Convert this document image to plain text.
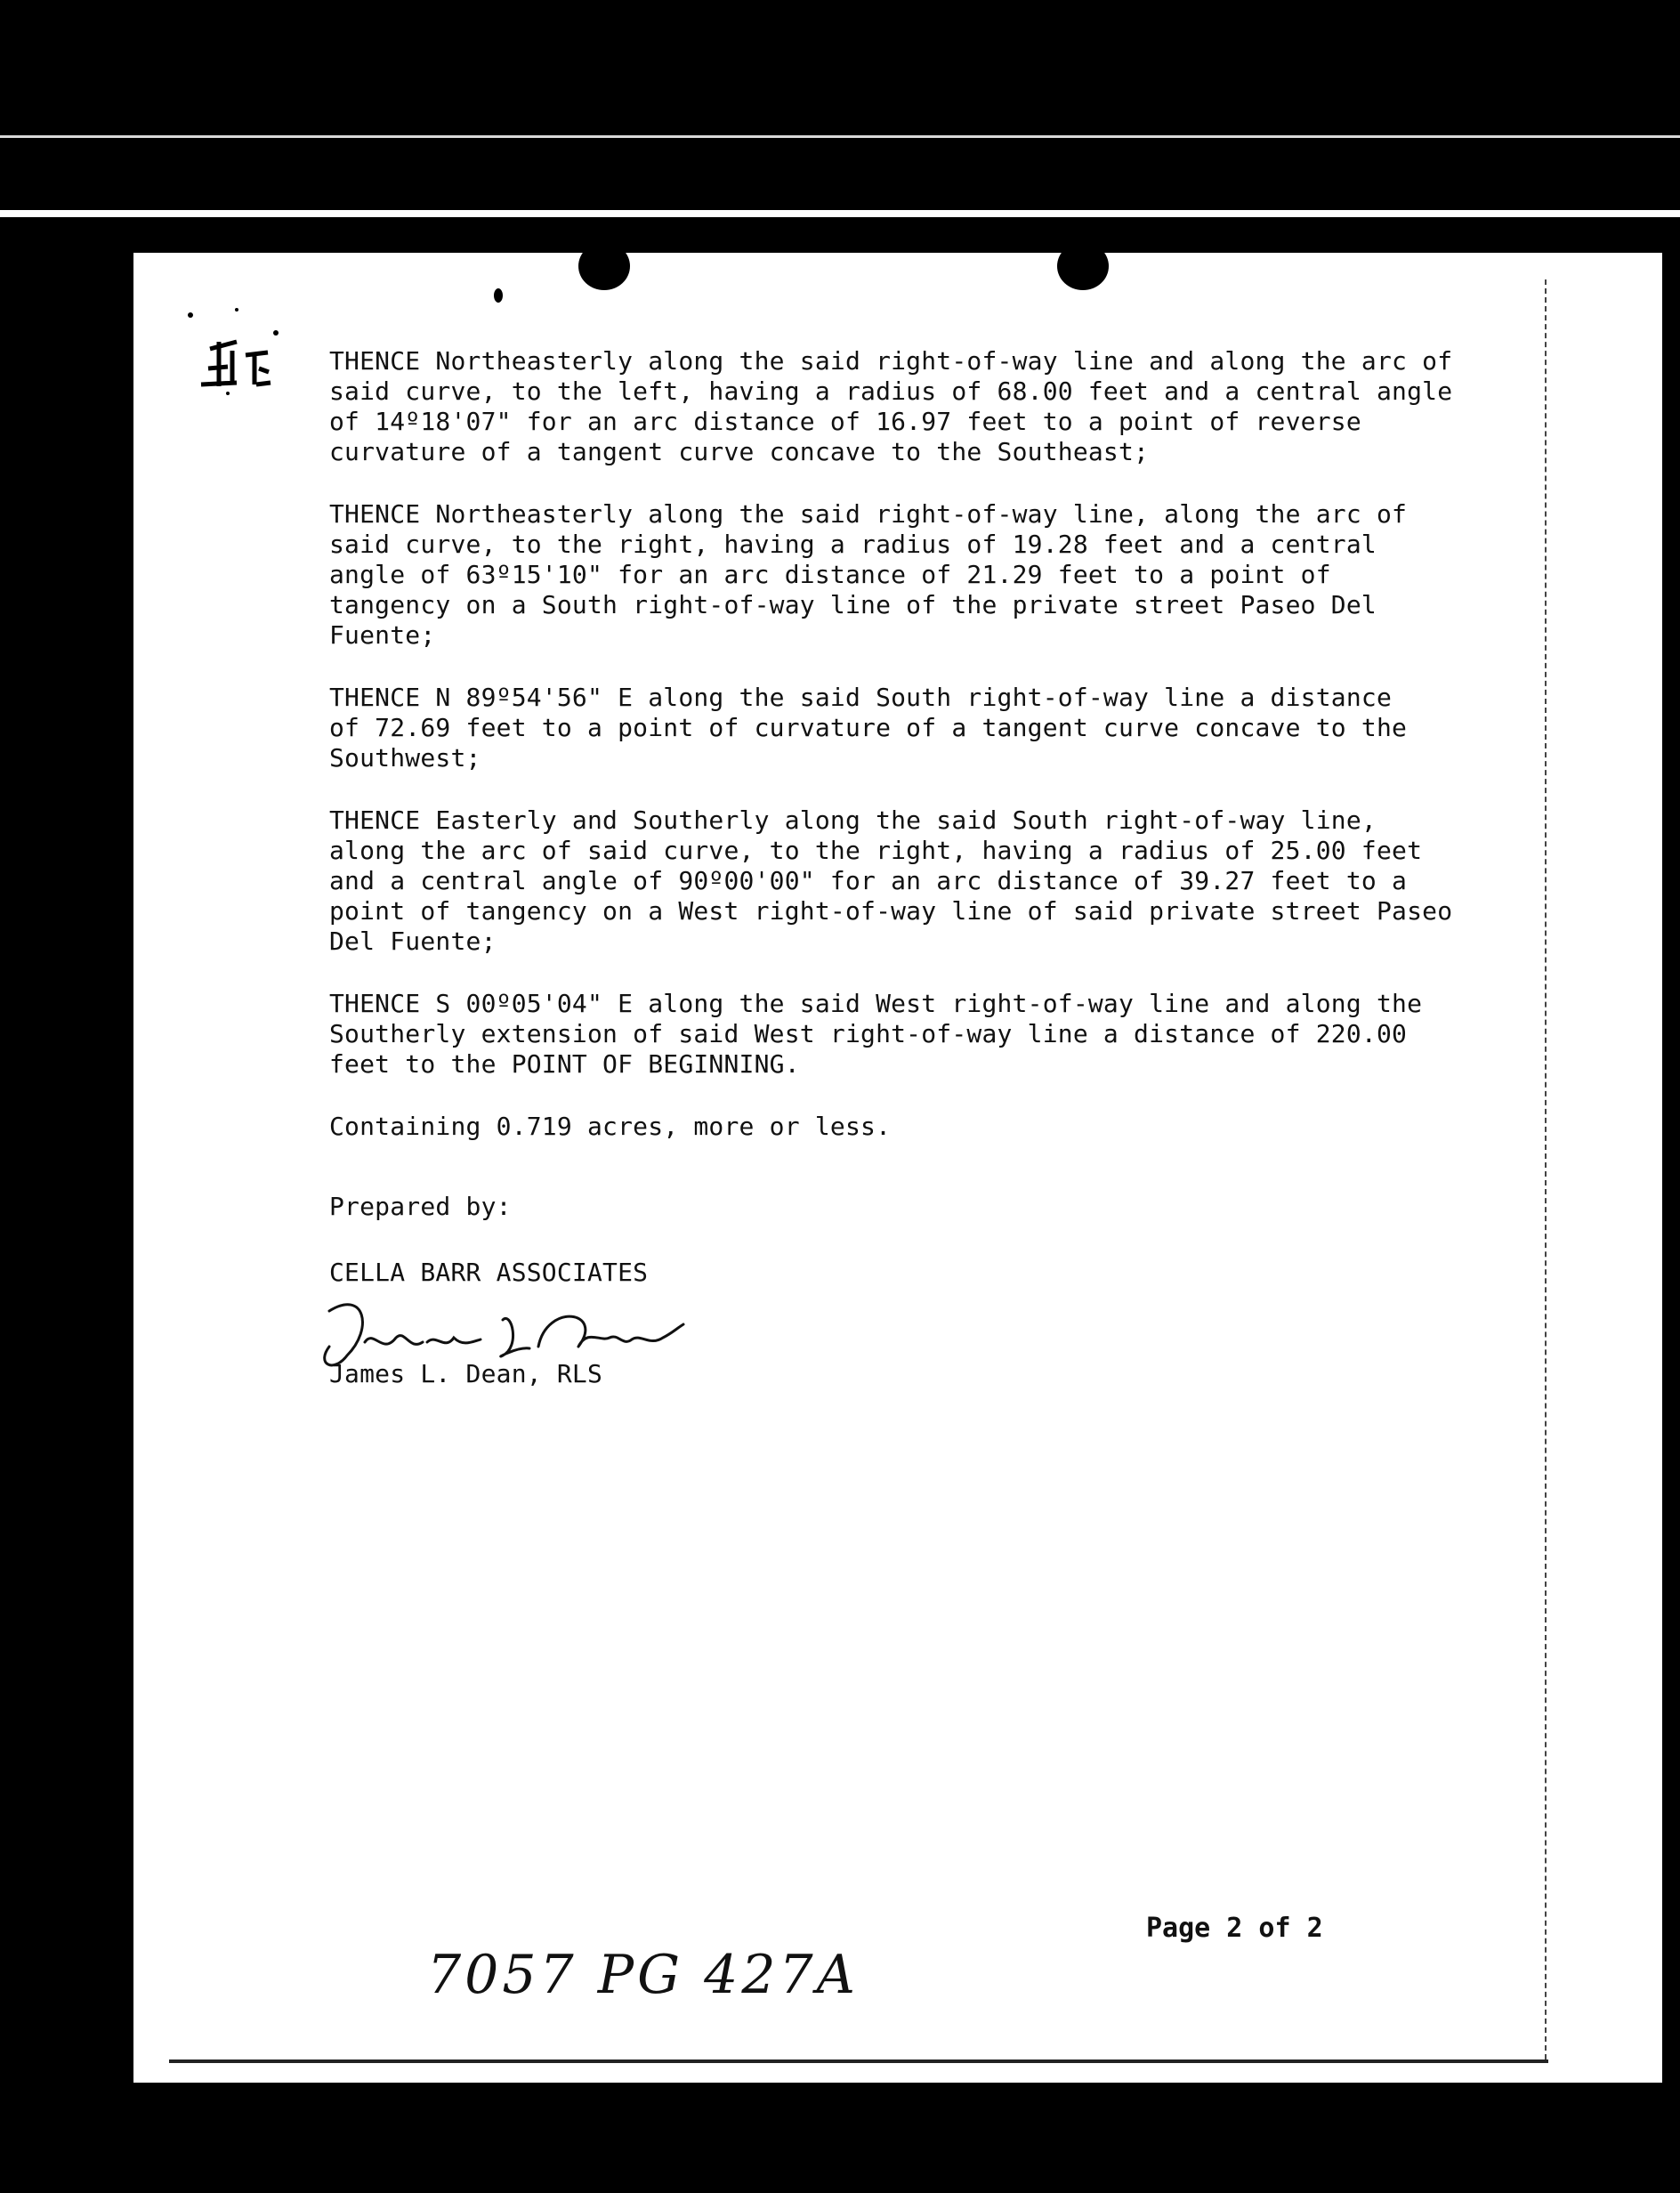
THENCE Northeasterly along the said right-of-way line and along the arc of
said curve, to the left, having a radius of 68.00 feet and a central angle
of 14º18'07" for an arc distance of 16.97 feet to a point of reverse
curvature of a tangent curve concave to the Southeast;

THENCE Northeasterly along the said right-of-way line, along the arc of
said curve, to the right, having a radius of 19.28 feet and a central
angle of 63º15'10" for an arc distance of 21.29 feet to a point of
tangency on a South right-of-way line of the private street Paseo Del
Fuente;

THENCE N 89º54'56" E along the said South right-of-way line a distance
of 72.69 feet to a point of curvature of a tangent curve concave to the
Southwest;

THENCE Easterly and Southerly along the said South right-of-way line,
along the arc of said curve, to the right, having a radius of 25.00 feet
and a central angle of 90º00'00" for an arc distance of 39.27 feet to a
point of tangency on a West right-of-way line of said private street Paseo
Del Fuente;

THENCE S 00º05'04" E along the said West right-of-way line and along the
Southerly extension of said West right-of-way line a distance of 220.00
feet to the POINT OF BEGINNING.

Containing 0.719 acres, more or less.

Prepared by:

CELLA BARR ASSOCIATES

James L. Dean, RLS

Page 2 of 2
7057 PG 427A
